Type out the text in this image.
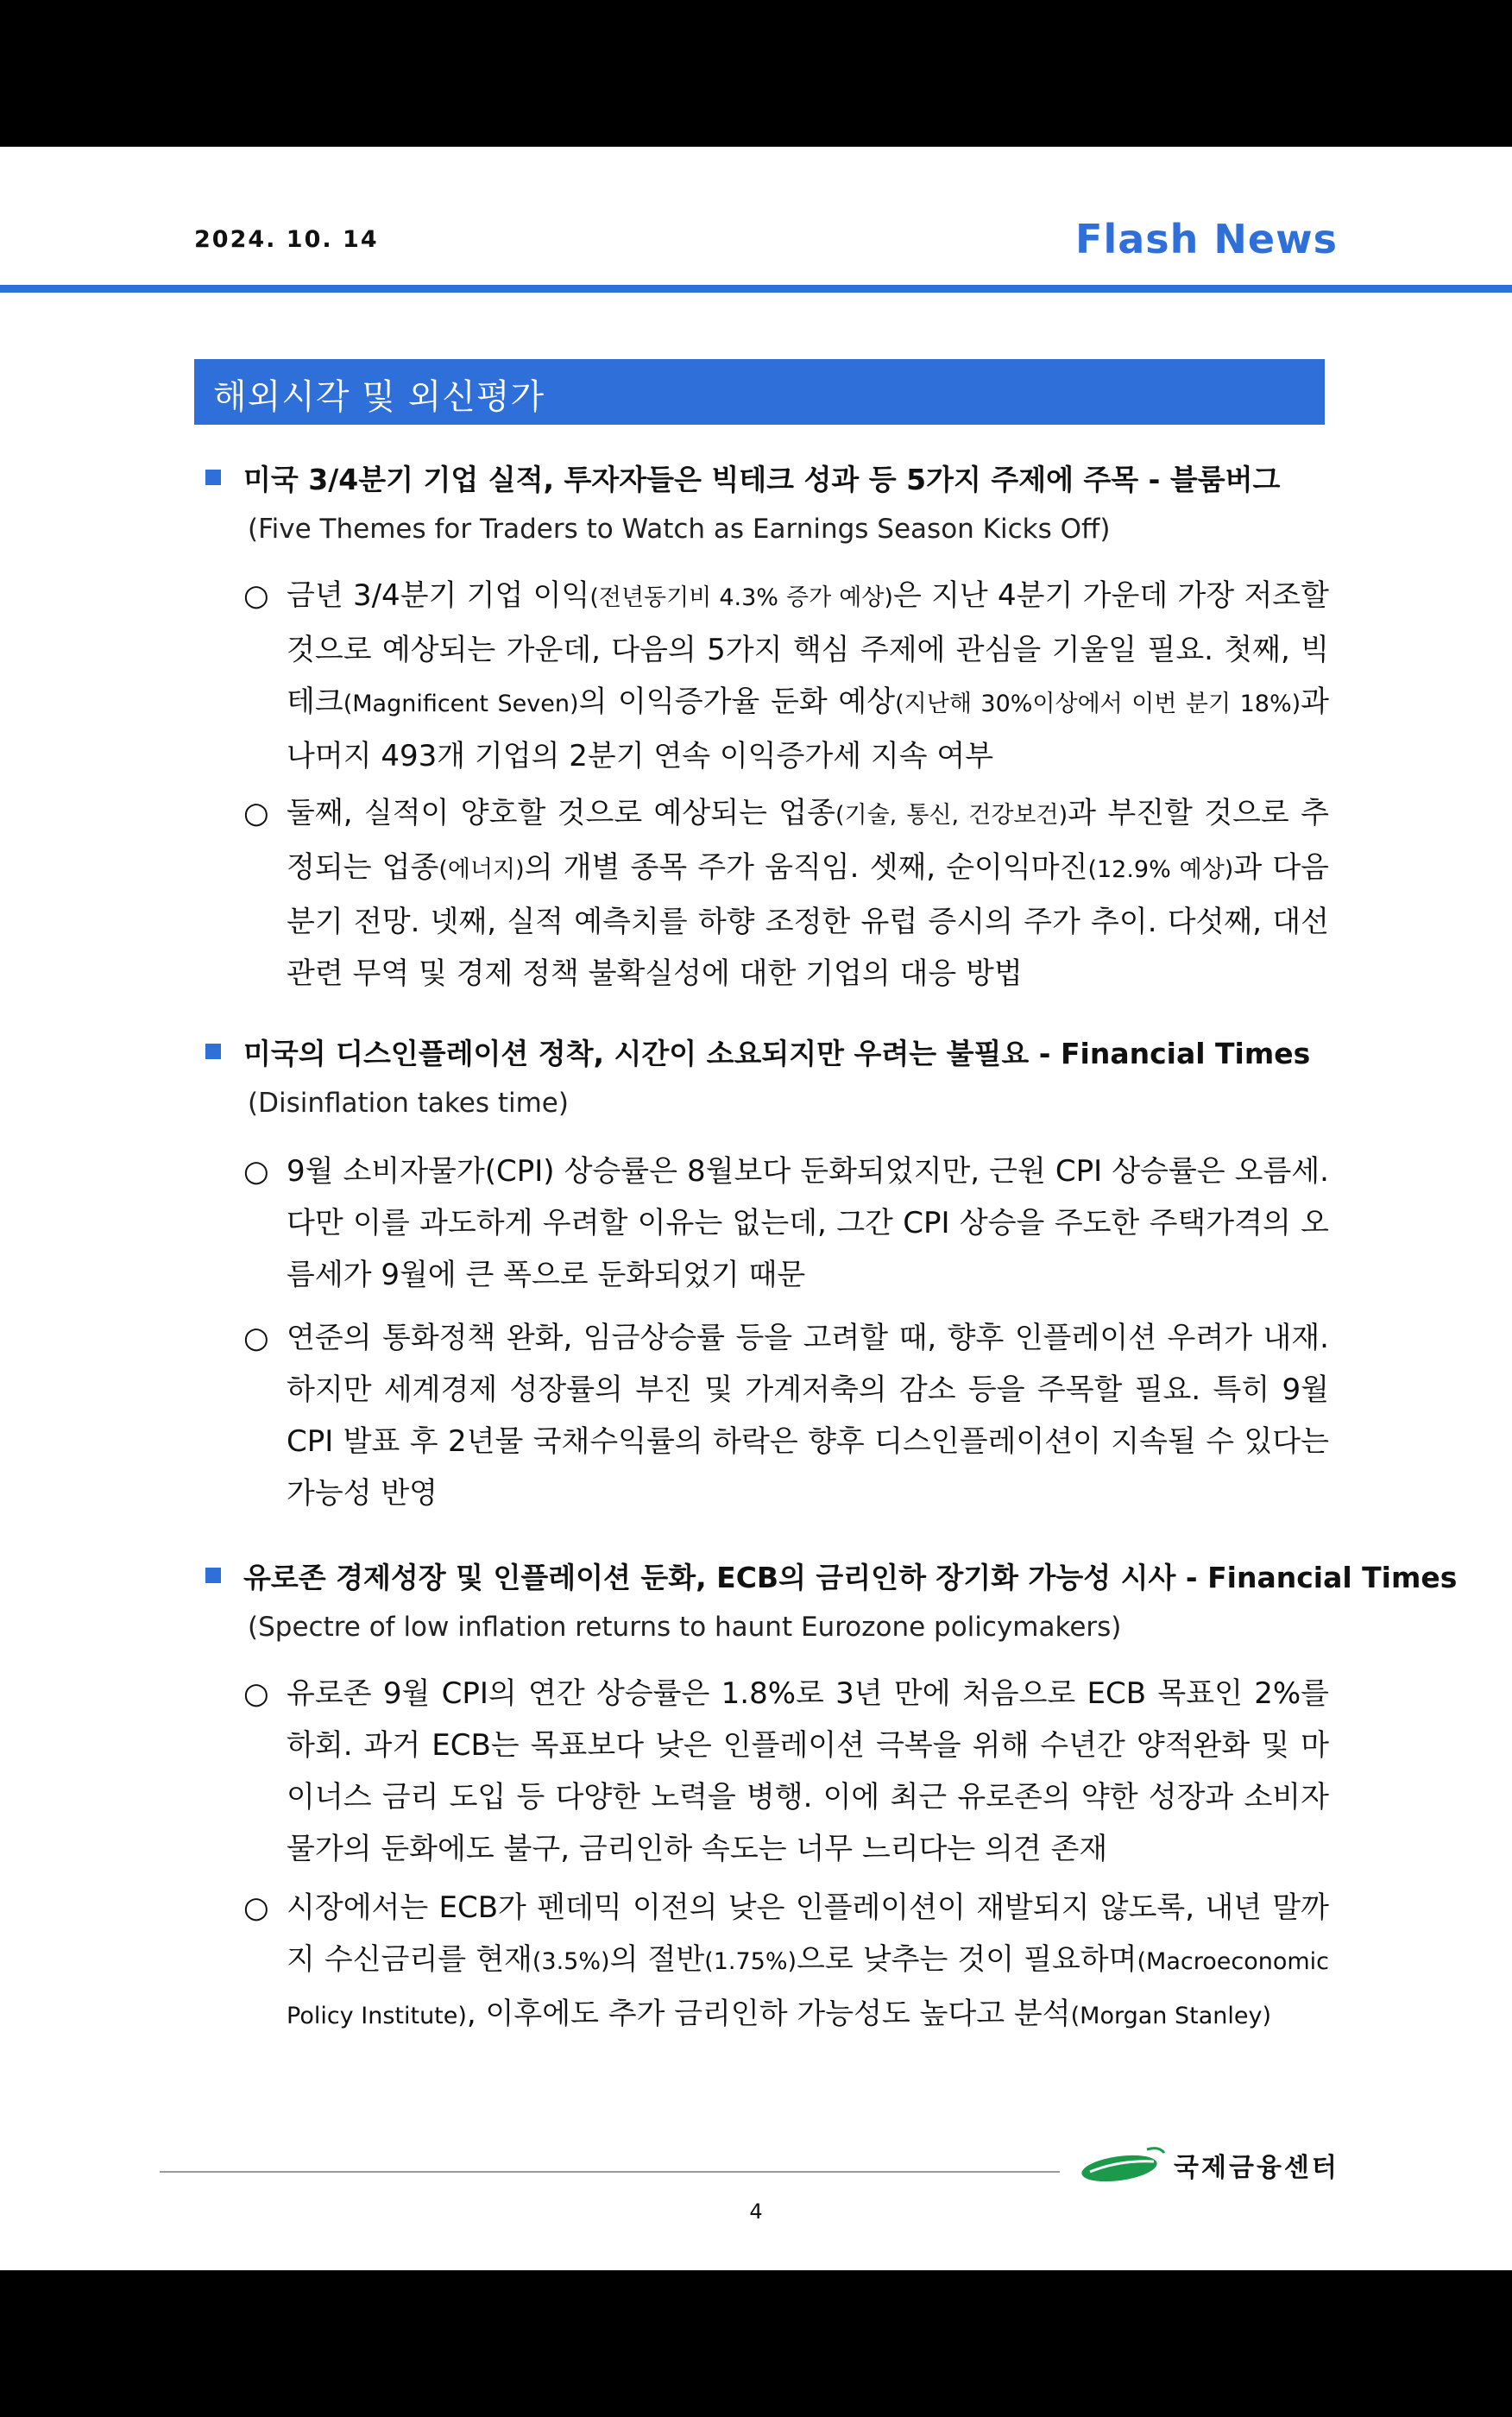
2024. 10. 14	Flash News
해외시각 및 외신평가
미국 3/4분기 기업 실적, 투자자들은 빅테크 성과 등 5가지 주제에 주목 - 블룸버그
(Five Themes for Traders to Watch as Earnings Season Kicks Off)
○ 금년 3/4분기 기업 이익(전년동기비 4.3% 증가 예상)은 지난 4분기 가운데 가장 저조할 것으로 예상되는 가운데, 다음의 5가지 핵심 주제에 관심을 기울일 필요. 첫째, 빅테크(Magnificent Seven)의 이익증가율 둔화 예상(지난해 30%이상에서 이번 분기 18%)과 나머지 493개 기업의 2분기 연속 이익증가세 지속 여부
○ 둘째, 실적이 양호할 것으로 예상되는 업종(기술, 통신, 건강보건)과 부진할 것으로 추정되는 업종(에너지)의 개별 종목 주가 움직임. 셋째, 순이익마진(12.9% 예상)과 다음 분기 전망. 넷째, 실적 예측치를 하향 조정한 유럽 증시의 주가 추이. 다섯째, 대선 관련 무역 및 경제 정책 불확실성에 대한 기업의 대응 방법
미국의 디스인플레이션 정착, 시간이 소요되지만 우려는 불필요 - Financial Times
(Disinflation takes time)
○ 9월 소비자물가(CPI) 상승률은 8월보다 둔화되었지만, 근원 CPI 상승률은 오름세. 다만 이를 과도하게 우려할 이유는 없는데, 그간 CPI 상승을 주도한 주택가격의 오름세가 9월에 큰 폭으로 둔화되었기 때문
○ 연준의 통화정책 완화, 임금상승률 등을 고려할 때, 향후 인플레이션 우려가 내재. 하지만 세계경제 성장률의 부진 및 가계저축의 감소 등을 주목할 필요. 특히 9월 CPI 발표 후 2년물 국채수익률의 하락은 향후 디스인플레이션이 지속될 수 있다는 가능성 반영
유로존 경제성장 및 인플레이션 둔화, ECB의 금리인하 장기화 가능성 시사 - Financial Times
(Spectre of low inflation returns to haunt Eurozone policymakers)
○ 유로존 9월 CPI의 연간 상승률은 1.8%로 3년 만에 처음으로 ECB 목표인 2%를 하회. 과거 ECB는 목표보다 낮은 인플레이션 극복을 위해 수년간 양적완화 및 마이너스 금리 도입 등 다양한 노력을 병행. 이에 최근 유로존의 약한 성장과 소비자물가의 둔화에도 불구, 금리인하 속도는 너무 느리다는 의견 존재
○ 시장에서는 ECB가 펜데믹 이전의 낮은 인플레이션이 재발되지 않도록, 내년 말까지 수신금리를 현재(3.5%)의 절반(1.75%)으로 낮추는 것이 필요하며(Macroeconomic Policy Institute), 이후에도 추가 금리인하 가능성도 높다고 분석(Morgan Stanley)
국제금융센터
4
